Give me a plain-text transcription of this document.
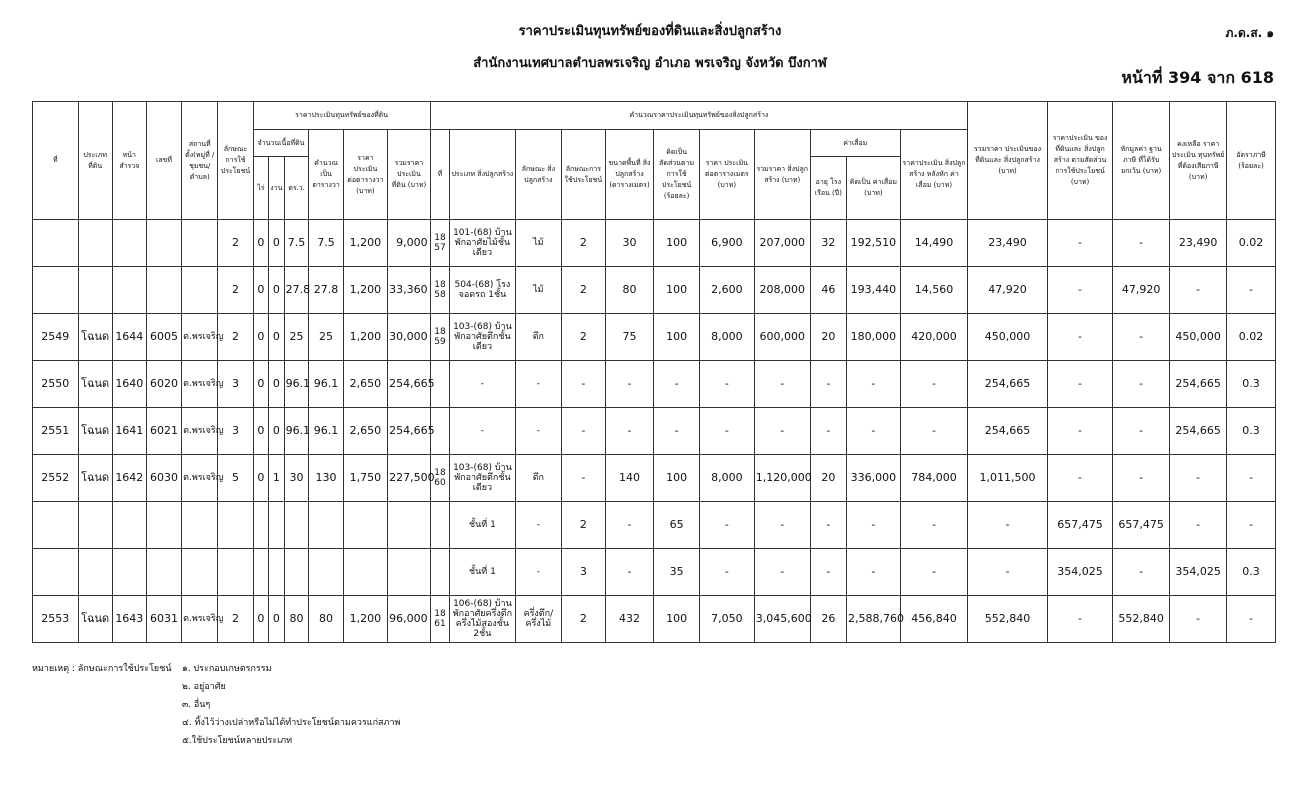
ราคาประเมินทุนทรัพย์ของที่ดินและสิ่งปลูกสร้าง
สำนักงานเทศบาลตำบลพรเจริญ อำเภอ พรเจริญ จังหวัด บึงกาฬ
ภ.ด.ส. ๑
หน้าที่ 394 จาก 618
ที่	ประเภท ที่ดิน	หน้า สำรวจ	เลขที่	สถานที่ ตั้ง(หมู่ที่ /ชุมชน/ ตำบล)	ลักษณะ การใช้ ประโยชน์	ราคาประเมินทุนทรัพย์ของที่ดิน						คำนวณราคาประเมินทุนทรัพย์ของสิ่งปลูกสร้าง											รวมราคา ประเมินของ ที่ดินและ สิ่งปลูกสร้าง (บาท)	ราคาประเมิน ของที่ดินและ สิ่งปลูกสร้าง ตามสัดส่วน การใช้ประโยชน์ (บาท)	หักมูลค่า ฐานภาษี ที่ได้รับ ยกเว้น (บาท)	คงเหลือ ราคาประเมิน ทุนทรัพย์ ที่ต้องเสียภาษี (บาท)	อัตราภาษี (ร้อยละ)
						จำนวนเนื้อที่ดิน			คำนวณ เป็น ตารางวา	ราคา ประเมิน ต่อตารางวา (บาท)	รวมราคา ประเมิน ที่ดิน (บาท)	ที่	ประเภท สิ่งปลูกสร้าง	ลักษณะ สิ่งปลูกสร้าง	ลักษณะการ ใช้ประโยชน์	ขนาดพื้นที่ สิ่งปลูกสร้าง (ตารางเมตร)	คิดเป็น สัดส่วนตาม การใช้ ประโยชน์ (ร้อยละ)	ราคา ประเมิน ต่อตารางเมตร (บาท)	รวมราคา สิ่งปลูกสร้าง (บาท)	ค่าเสื่อม		ราคาประเมิน สิ่งปลูกสร้าง หลังหัก ค่าเสื่อม (บาท)					
						ไร่	งาน	ตร.ว.												อายุ โรงเรือน (ปี)	คิดเป็น ค่าเสื่อม (บาท)						
					2	0	0	7.5	7.5	1,200	9,000	18 57	101-(68) บ้านพักอาศัยไม้ชั้นเดียว	ไม้	2	30	100	6,900	207,000	32	192,510	14,490	23,490	-	-	23,490	0.02
					2	0	0	27.8	27.8	1,200	33,360	18 58	504-(68) โรงจอดรถ 1ชั้น	ไม้	2	80	100	2,600	208,000	46	193,440	14,560	47,920	-	47,920	-	-
2549	โฉนด	1644	6005	ต.พรเจริญ	2	0	0	25	25	1,200	30,000	18 59	103-(68) บ้านพักอาศัยตึกชั้นเดียว	ตึก	2	75	100	8,000	600,000	20	180,000	420,000	450,000	-	-	450,000	0.02
2550	โฉนด	1640	6020	ต.พรเจริญ	3	0	0	96.1	96.1	2,650	254,665		-	-	-	-	-	-	-	-	-	-	254,665	-	-	254,665	0.3
2551	โฉนด	1641	6021	ต.พรเจริญ	3	0	0	96.1	96.1	2,650	254,665		-	-	-	-	-	-	-	-	-	-	254,665	-	-	254,665	0.3
2552	โฉนด	1642	6030	ต.พรเจริญ	5	0	1	30	130	1,750	227,500	18 60	103-(68) บ้านพักอาศัยตึกชั้นเดียว	ตึก	-	140	100	8,000	1,120,000	20	336,000	784,000	1,011,500	-	-	-	-
													ชั้นที่ 1	-	2	-	65	-	-	-	-	-	-	657,475	657,475	-	-
													ชั้นที่ 1	-	3	-	35	-	-	-	-	-	-	354,025	-	354,025	0.3
2553	โฉนด	1643	6031	ต.พรเจริญ	2	0	0	80	80	1,200	96,000	18 61	106-(68) บ้านพักอาศัยครึ่งตึกครึ่งไม้สองชั้น 2ชั้น	ครึ่งตึก/ครึ่งไม้	2	432	100	7,050	3,045,600	26	2,588,760	456,840	552,840	-	552,840	-	-
หมายเหตุ : ลักษณะการใช้ประโยชน์ ๑. ประกอบเกษตรกรรม
๒. อยู่อาศัย
๓. อื่นๆ
๔. ทิ้งไว้ว่างเปล่าหรือไม่ได้ทำประโยชน์ตามควรแก่สภาพ
๕.ใช้ประโยชน์หลายประเภท
